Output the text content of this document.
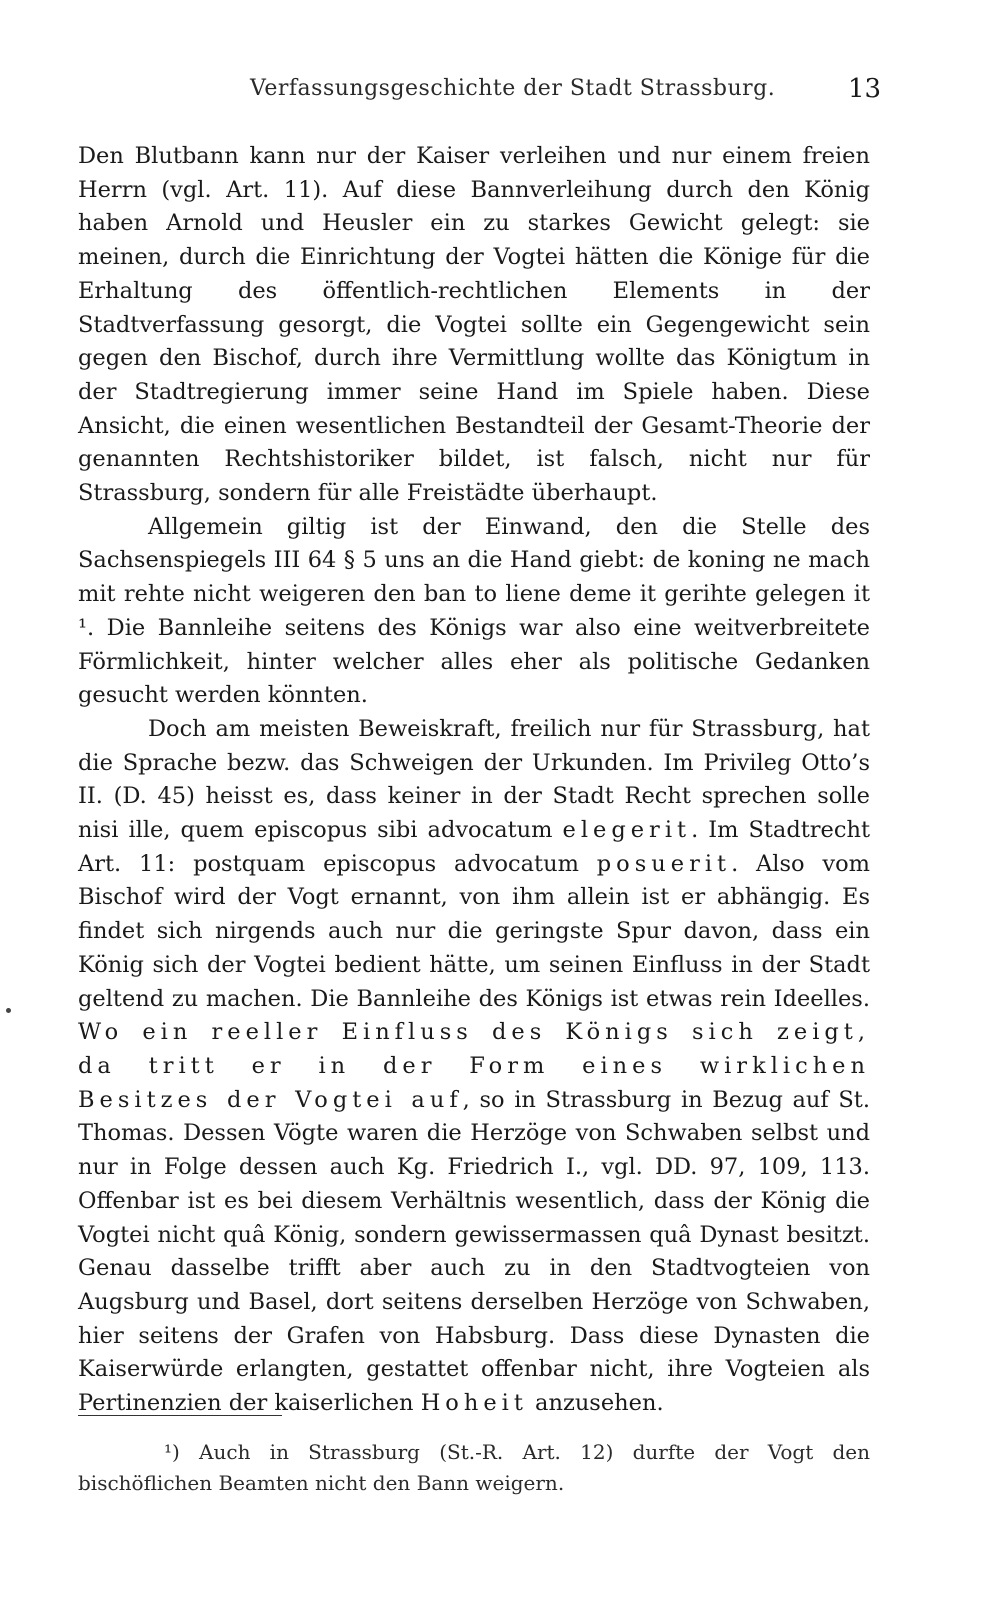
Verfassungsgeschichte der Stadt Strassburg.	13

Den Blutbann kann nur der Kaiser verleihen und nur einem freien Herrn (vgl. Art. 11). Auf diese Bannverleihung durch den König haben Arnold und Heusler ein zu starkes Gewicht gelegt: sie meinen, durch die Einrichtung der Vogtei hätten die Könige für die Erhaltung des öffentlich-rechtlichen Elements in der Stadtverfassung gesorgt, die Vogtei sollte ein Gegengewicht sein gegen den Bischof, durch ihre Vermittlung wollte das Königtum in der Stadtregierung immer seine Hand im Spiele haben. Diese Ansicht, die einen wesentlichen Bestandteil der Gesamt-Theorie der genannten Rechtshistoriker bildet, ist falsch, nicht nur für Strassburg, sondern für alle Freistädte überhaupt.

Allgemein giltig ist der Einwand, den die Stelle des Sachsenspiegels III 64 § 5 uns an die Hand giebt: de koning ne mach mit rehte nicht weigeren den ban to liene deme it gerihte gelegen it ¹. Die Bannleihe seitens des Königs war also eine weitverbreitete Förmlichkeit, hinter welcher alles eher als politische Gedanken gesucht werden könnten.

Doch am meisten Beweiskraft, freilich nur für Strassburg, hat die Sprache bezw. das Schweigen der Urkunden. Im Privileg Otto’s II. (D. 45) heisst es, dass keiner in der Stadt Recht sprechen solle nisi ille, quem episcopus sibi advocatum elegerit. Im Stadtrecht Art. 11: postquam episcopus advocatum posuerit. Also vom Bischof wird der Vogt ernannt, von ihm allein ist er abhängig. Es findet sich nirgends auch nur die geringste Spur davon, dass ein König sich der Vogtei bedient hätte, um seinen Einfluss in der Stadt geltend zu machen. Die Bannleihe des Königs ist etwas rein Ideelles. Wo ein reeller Einfluss des Königs sich zeigt, da tritt er in der Form eines wirklichen Besitzes der Vogtei auf, so in Strassburg in Bezug auf St. Thomas. Dessen Vögte waren die Herzöge von Schwaben selbst und nur in Folge dessen auch Kg. Friedrich I., vgl. DD. 97, 109, 113. Offenbar ist es bei diesem Verhältnis wesentlich, dass der König die Vogtei nicht quâ König, sondern gewissermassen quâ Dynast besitzt. Genau dasselbe trifft aber auch zu in den Stadtvogteien von Augsburg und Basel, dort seitens derselben Herzöge von Schwaben, hier seitens der Grafen von Habsburg. Dass diese Dynasten die Kaiserwürde erlangten, gestattet offenbar nicht, ihre Vogteien als Pertinenzien der kaiserlichen Hoheit anzusehen.

¹) Auch in Strassburg (St.-R. Art. 12) durfte der Vogt den bischöflichen Beamten nicht den Bann weigern.
